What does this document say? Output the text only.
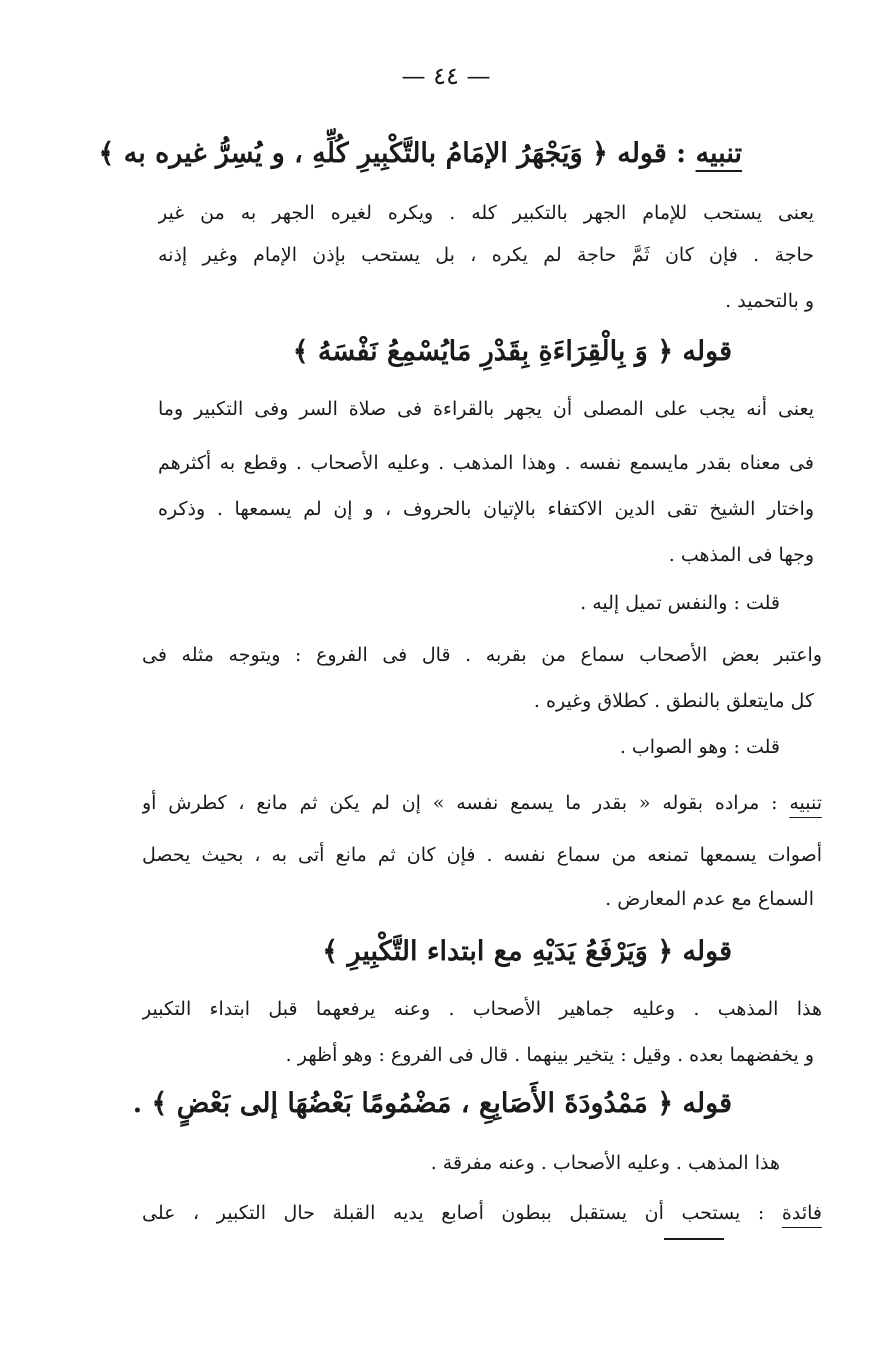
— ٤٤ —
تنبيه : قوله ﴿ وَيَجْهَرُ الإمَامُ بالتَّكْبِيرِ كُلِّهِ ، و يُسِرُّ غيره به ﴾
يعنى يستحب للإمام الجهر بالتكبير كله . ويكره لغيره الجهر به من غير
حاجة . فإن كان ثَمَّ حاجة لم يكره ، بل يستحب بإذن الإمام وغير إذنه
و بالتحميد .
قوله ﴿ وَ بِالْقِرَاءَةِ بِقَدْرِ مَايُسْمِعُ نَفْسَهُ ﴾
يعنى أنه يجب على المصلى أن يجهر بالقراءة فى صلاة السر وفى التكبير وما
فى معناه بقدر مايسمع نفسه . وهذا المذهب . وعليه الأصحاب . وقطع به أكثرهم
واختار الشيخ تقى الدين الاكتفاء بالإتيان بالحروف ، و إن لم يسمعها . وذكره
وجها فى المذهب .
قلت : والنفس تميل إليه .
واعتبر بعض الأصحاب سماع من بقربه . قال فى الفروع : ويتوجه مثله فى
كل مايتعلق بالنطق . كطلاق وغيره .
قلت : وهو الصواب .
تنبيه : مراده بقوله « بقدر ما يسمع نفسه » إن لم يكن ثم مانع ، كطرش أو
أصوات يسمعها تمنعه من سماع نفسه . فإن كان ثم مانع أتى به ، بحيث يحصل
السماع مع عدم المعارض .
قوله ﴿ وَيَرْفَعُ يَدَيْهِ مع ابتداء التَّكْبِيرِ ﴾
هذا المذهب . وعليه جماهير الأصحاب . وعنه يرفعهما قبل ابتداء التكبير
و يخفضهما بعده . وقيل : يتخير بينهما . قال فى الفروع : وهو أظهر .
قوله ﴿ مَمْدُودَةَ الأَصَابِعِ ، مَضْمُومًا بَعْضُهَا إلى بَعْضٍ ﴾ .
هذا المذهب . وعليه الأصحاب . وعنه مفرقة .
فائدة : يستحب أن يستقبل ببطون أصابع يديه القبلة حال التكبير ، على
